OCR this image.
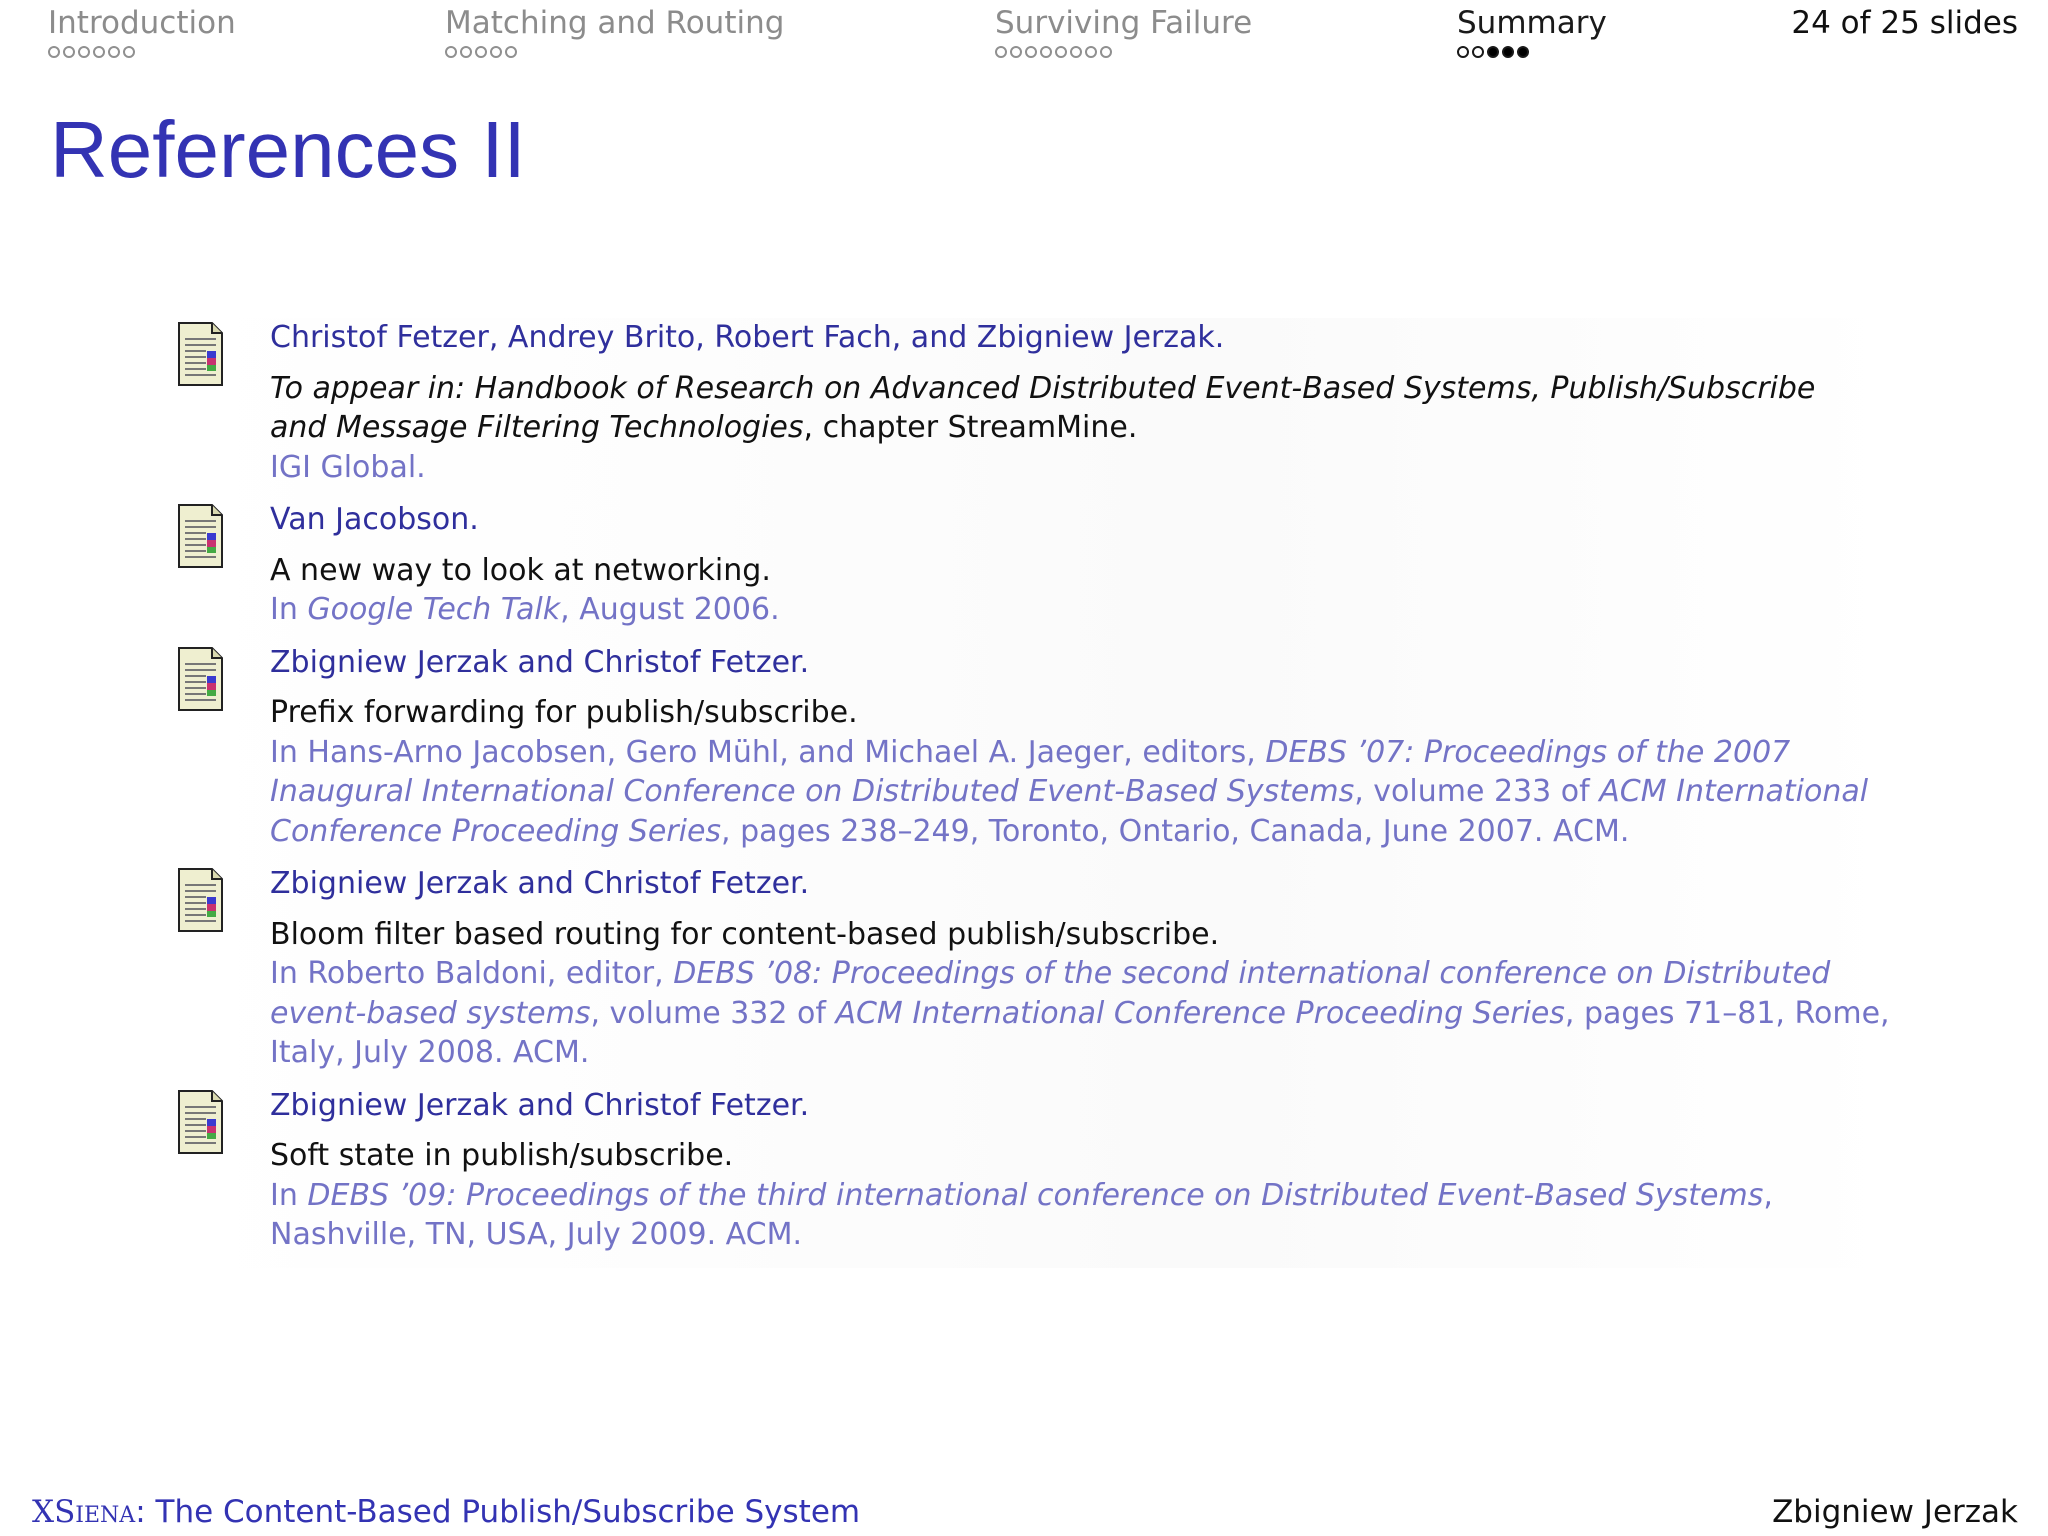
Introduction	Matching and Routing	Surviving Failure	Summary	24 of 25 slides
References II
Christof Fetzer, Andrey Brito, Robert Fach, and Zbigniew Jerzak.
To appear in: Handbook of Research on Advanced Distributed Event-Based Systems, Publish/Subscribe
and Message Filtering Technologies, chapter StreamMine.
IGI Global.
Van Jacobson.
A new way to look at networking.
In Google Tech Talk, August 2006.
Zbigniew Jerzak and Christof Fetzer.
Prefix forwarding for publish/subscribe.
In Hans-Arno Jacobsen, Gero Mühl, and Michael A. Jaeger, editors, DEBS ’07: Proceedings of the 2007
Inaugural International Conference on Distributed Event-Based Systems, volume 233 of ACM International
Conference Proceeding Series, pages 238–249, Toronto, Ontario, Canada, June 2007. ACM.
Zbigniew Jerzak and Christof Fetzer.
Bloom filter based routing for content-based publish/subscribe.
In Roberto Baldoni, editor, DEBS ’08: Proceedings of the second international conference on Distributed
event-based systems, volume 332 of ACM International Conference Proceeding Series, pages 71–81, Rome,
Italy, July 2008. ACM.
Zbigniew Jerzak and Christof Fetzer.
Soft state in publish/subscribe.
In DEBS ’09: Proceedings of the third international conference on Distributed Event-Based Systems,
Nashville, TN, USA, July 2009. ACM.
XSiena: The Content-Based Publish/Subscribe System	Zbigniew Jerzak
